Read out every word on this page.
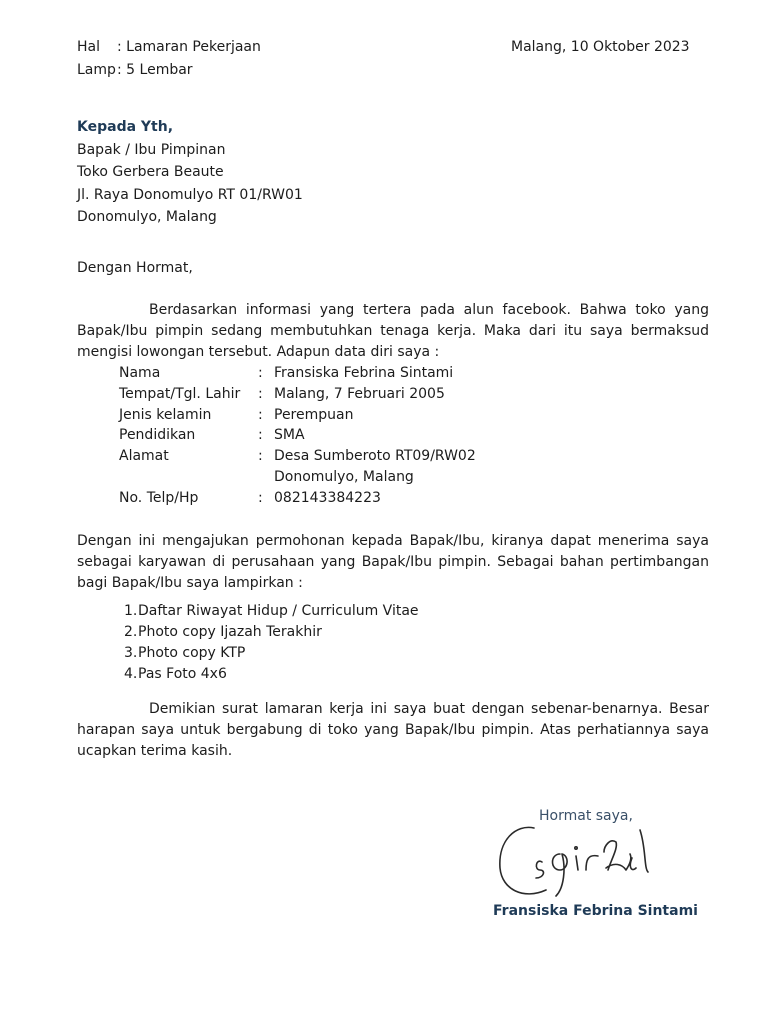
Hal : Lamaran Pekerjaan
Lamp: 5 Lembar
Malang, 10 Oktober 2023
Kepada Yth,
Bapak / Ibu Pimpinan
Toko Gerbera Beaute
Jl. Raya Donomulyo RT 01/RW01
Donomulyo, Malang
Dengan Hormat,

Berdasarkan informasi yang tertera pada alun facebook. Bahwa toko yang Bapak/Ibu pimpin sedang membutuhkan tenaga kerja. Maka dari itu saya bermaksud mengisi lowongan tersebut. Adapun data diri saya :

Nama	: Fransiska Febrina Sintami
Tempat/Tgl. Lahir	: Malang, 7 Februari 2005
Jenis kelamin	: Perempuan
Pendidikan	: SMA
Alamat	: Desa Sumberoto RT09/RW02
Donomulyo, Malang
No. Telp/Hp	: 082143384223

Dengan ini mengajukan permohonan kepada Bapak/Ibu, kiranya dapat menerima saya sebagai karyawan di perusahaan yang Bapak/Ibu pimpin. Sebagai bahan pertimbangan bagi Bapak/Ibu saya lampirkan :

1. Daftar Riwayat Hidup / Curriculum Vitae
2. Photo copy Ijazah Terakhir
3. Photo copy KTP
4. Pas Foto 4x6

Demikian surat lamaran kerja ini saya buat dengan sebenar-benarnya. Besar harapan saya untuk bergabung di toko yang Bapak/Ibu pimpin. Atas perhatiannya saya ucapkan terima kasih.

Hormat saya,
Fransiska Febrina Sintami
